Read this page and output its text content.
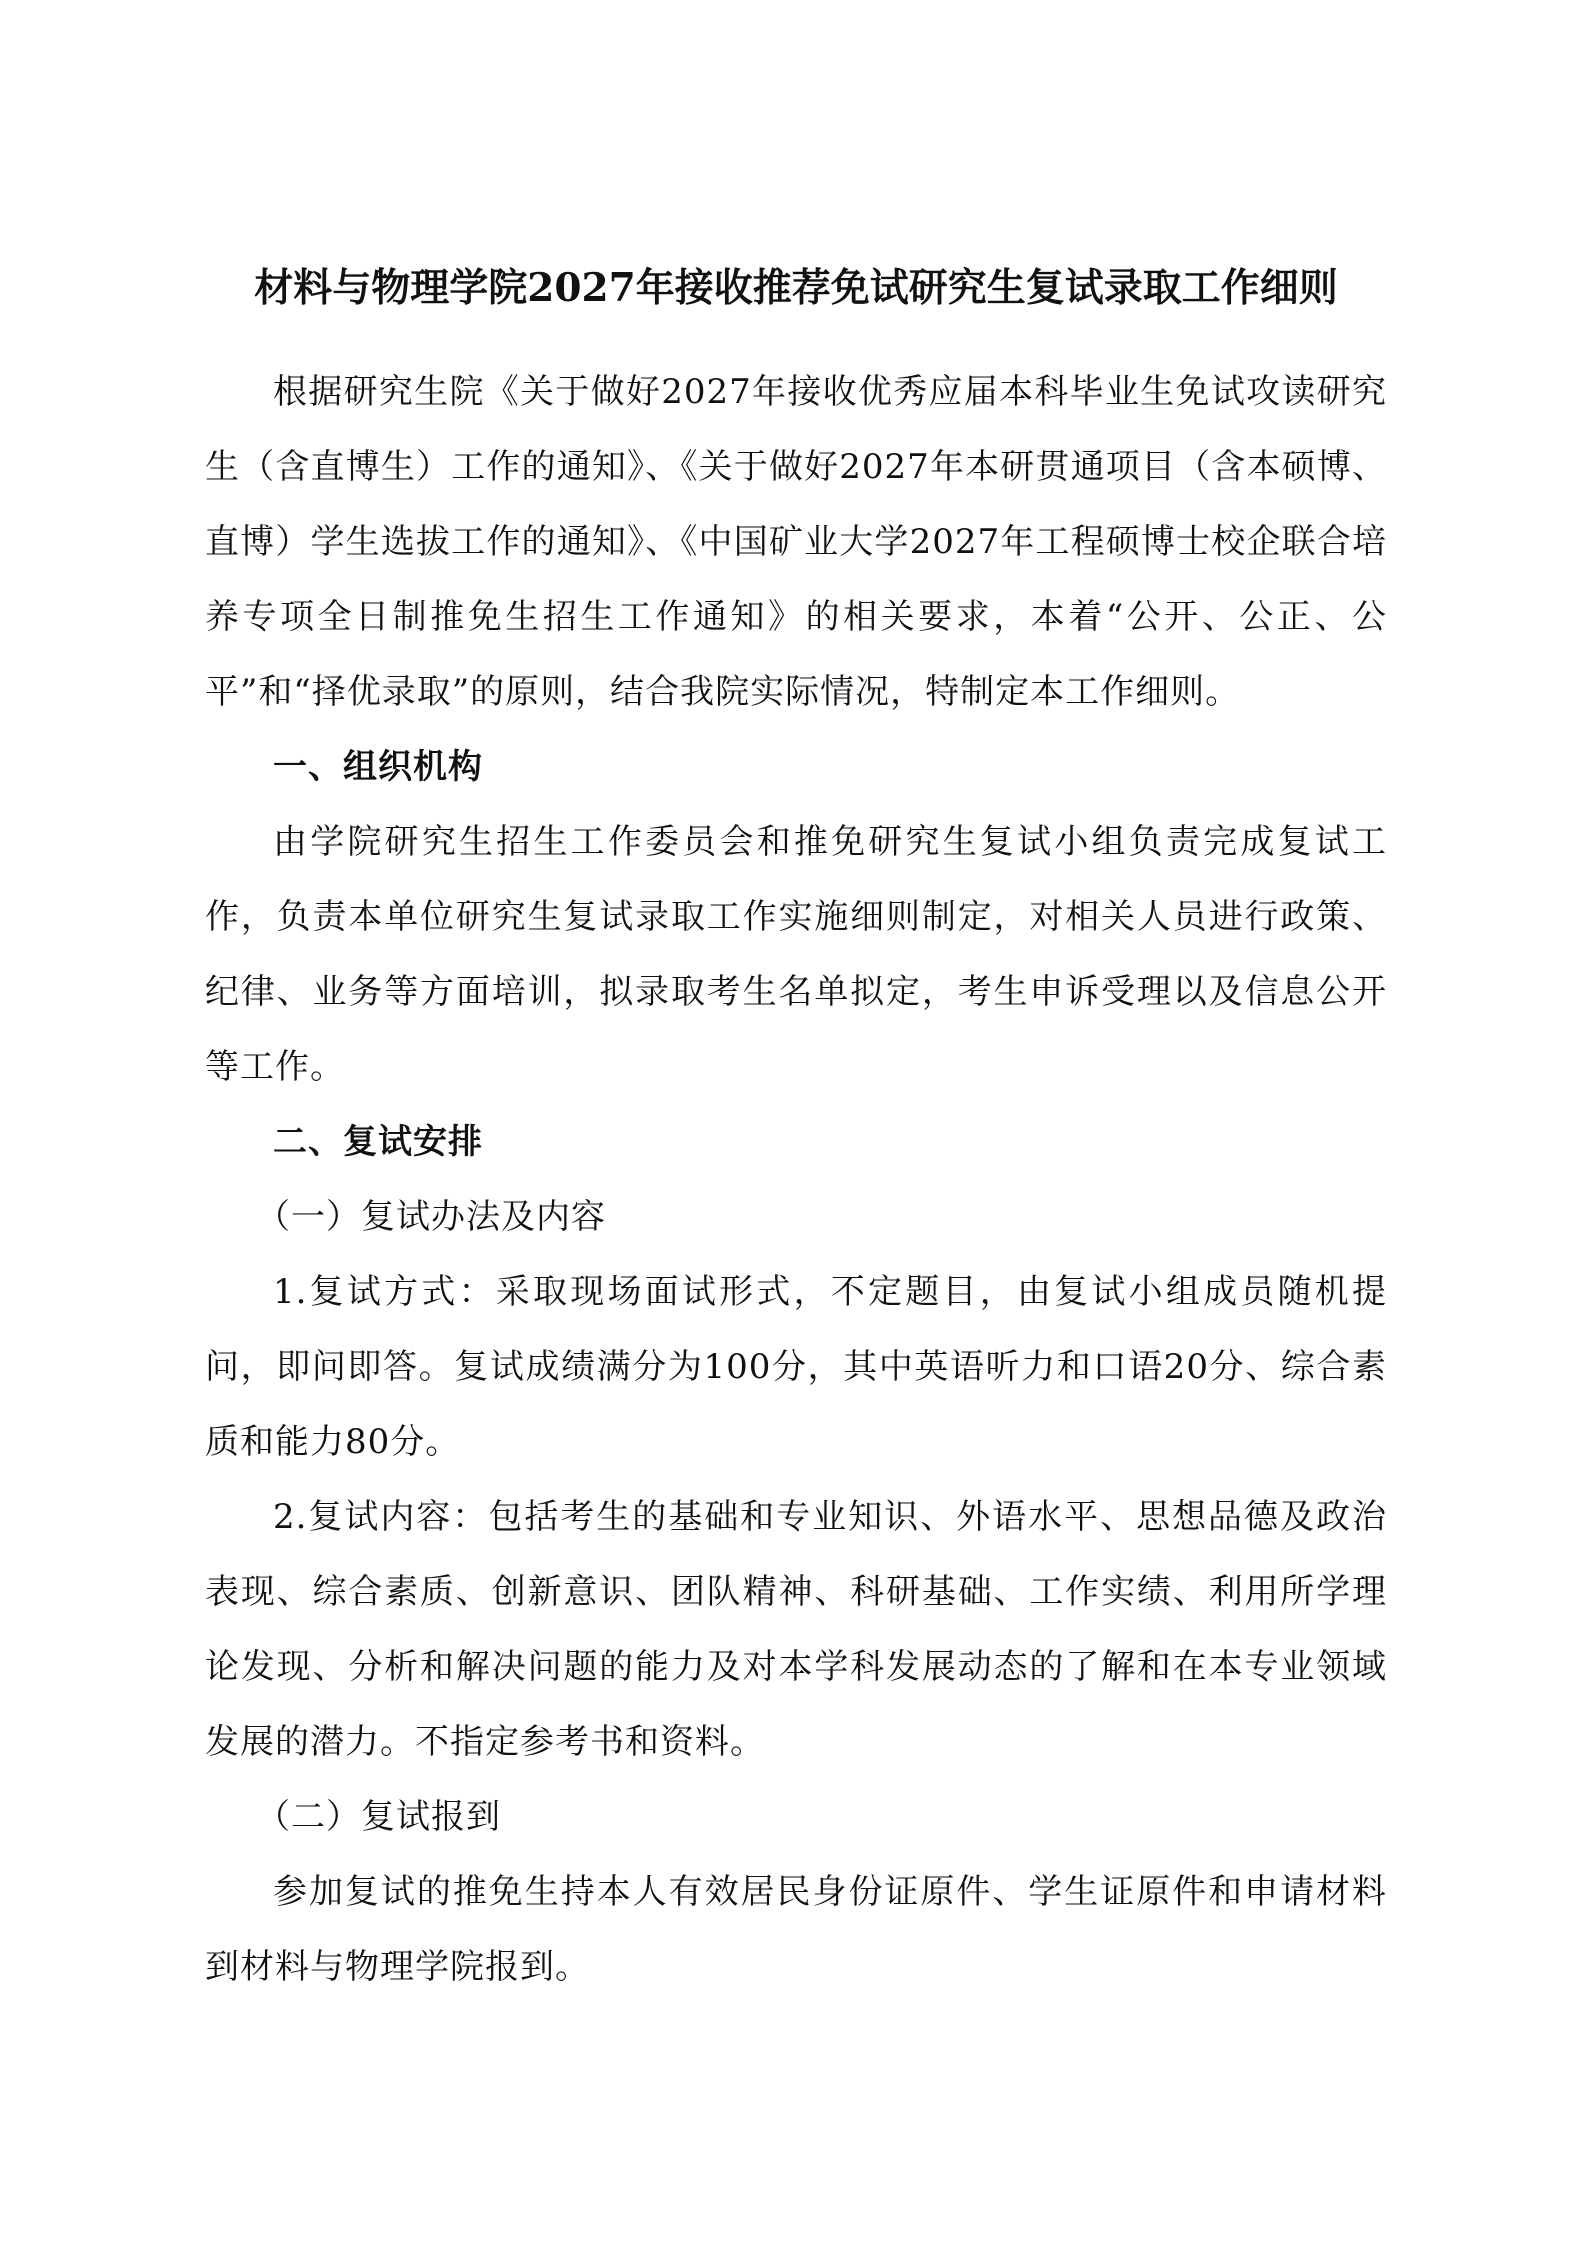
材料与物理学院2027年接收推荐免试研究生复试录取工作细则

根据研究生院《关于做好2027年接收优秀应届本科毕业生免试攻读研究生（含直博生）工作的通知》、《关于做好2027年本研贯通项目（含本硕博、直博）学生选拔工作的通知》、《中国矿业大学2027年工程硕博士校企联合培养专项全日制推免生招生工作通知》的相关要求，本着“公开、公正、公平”和“择优录取”的原则，结合我院实际情况，特制定本工作细则。

一、组织机构

由学院研究生招生工作委员会和推免研究生复试小组负责完成复试工作，负责本单位研究生复试录取工作实施细则制定，对相关人员进行政策、纪律、业务等方面培训，拟录取考生名单拟定，考生申诉受理以及信息公开等工作。

二、复试安排

（一）复试办法及内容

1.复试方式：采取现场面试形式，不定题目，由复试小组成员随机提问，即问即答。复试成绩满分为100分，其中英语听力和口语20分、综合素质和能力80分。

2.复试内容：包括考生的基础和专业知识、外语水平、思想品德及政治表现、综合素质、创新意识、团队精神、科研基础、工作实绩、利用所学理论发现、分析和解决问题的能力及对本学科发展动态的了解和在本专业领域发展的潜力。不指定参考书和资料。

（二）复试报到

参加复试的推免生持本人有效居民身份证原件、学生证原件和申请材料到材料与物理学院报到。
